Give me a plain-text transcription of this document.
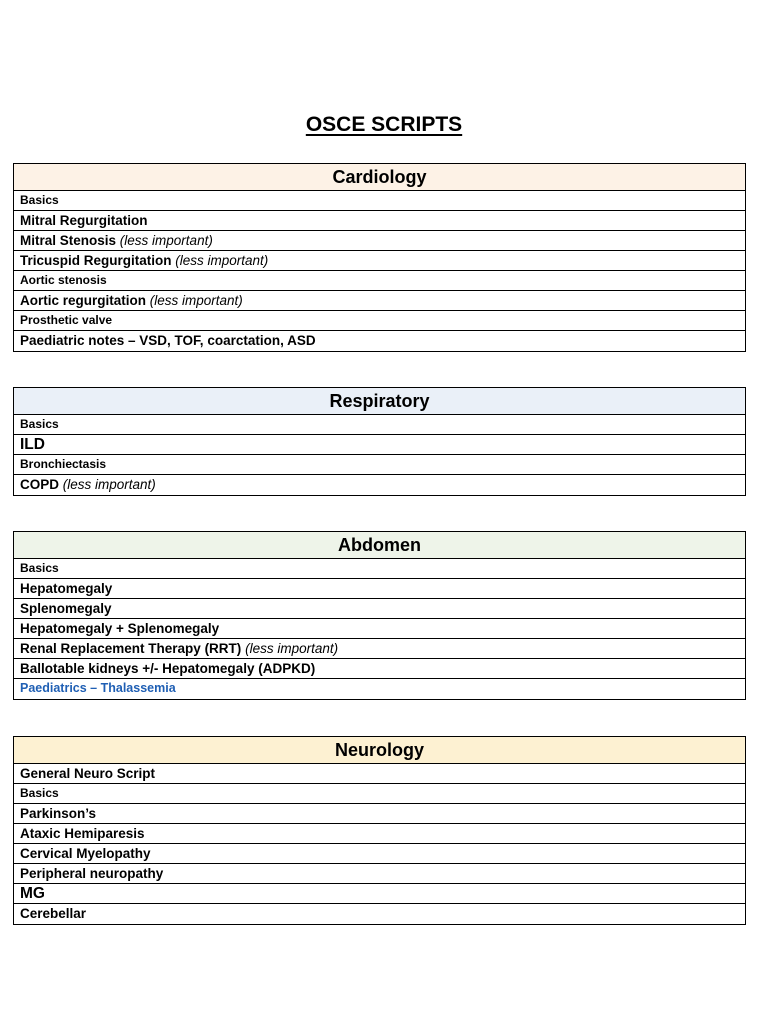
OSCE SCRIPTS
Cardiology
Basics
Mitral Regurgitation
Mitral Stenosis (less important)
Tricuspid Regurgitation (less important)
Aortic stenosis
Aortic regurgitation (less important)
Prosthetic valve
Paediatric notes – VSD, TOF, coarctation, ASD
Respiratory
Basics
ILD
Bronchiectasis
COPD (less important)
Abdomen
Basics
Hepatomegaly
Splenomegaly
Hepatomegaly + Splenomegaly
Renal Replacement Therapy (RRT) (less important)
Ballotable kidneys +/- Hepatomegaly (ADPKD)
Paediatrics – Thalassemia
Neurology
General Neuro Script
Basics
Parkinson’s
Ataxic Hemiparesis
Cervical Myelopathy
Peripheral neuropathy
MG
Cerebellar
